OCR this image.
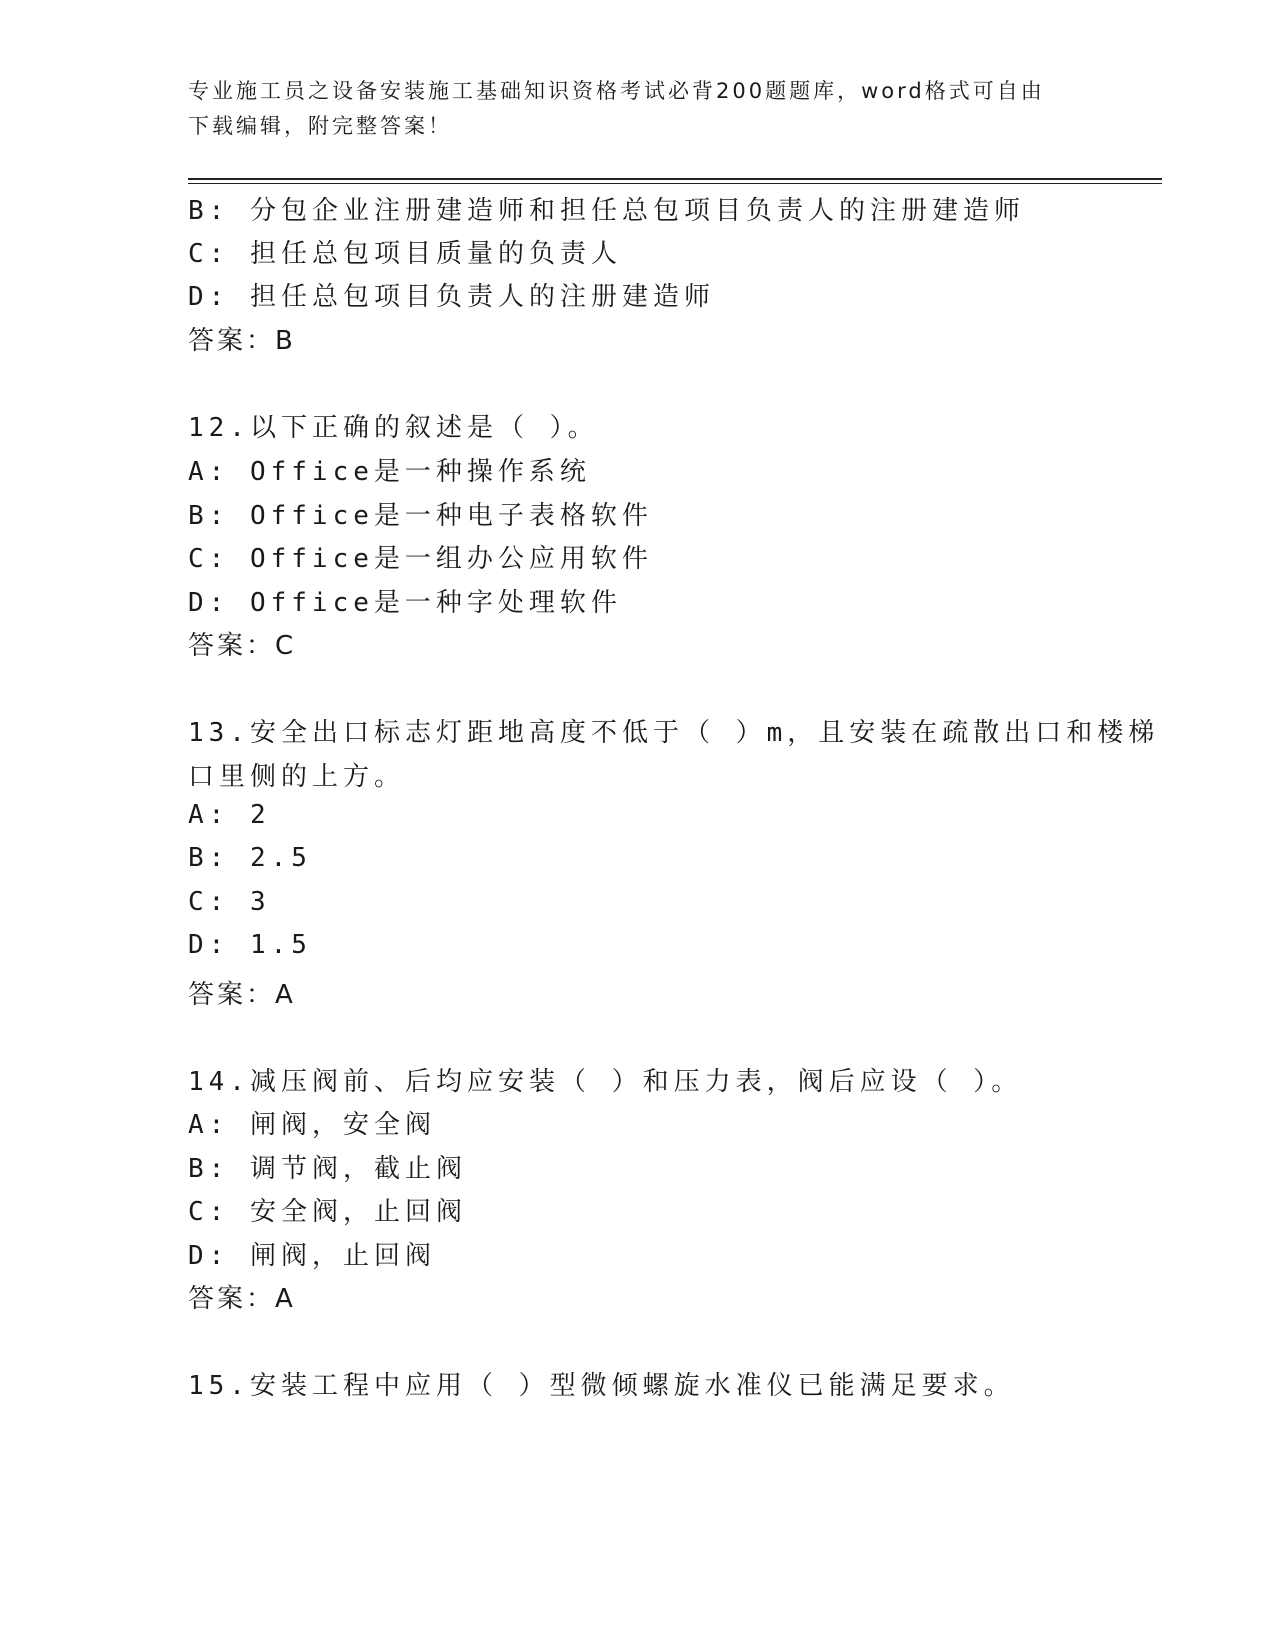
专业施工员之设备安装施工基础知识资格考试必背200题题库，word格式可自由
下载编辑，附完整答案！
B: 分包企业注册建造师和担任总包项目负责人的注册建造师
C: 担任总包项目质量的负责人
D: 担任总包项目负责人的注册建造师
答案：B
12.以下正确的叙述是（ ）。
A: Office是一种操作系统
B: Office是一种电子表格软件
C: Office是一组办公应用软件
D: Office是一种字处理软件
答案：C
13.安全出口标志灯距地高度不低于（ ）m，且安装在疏散出口和楼梯
口里侧的上方。
A: 2
B: 2.5
C: 3
D: 1.5
答案：A
14.减压阀前、后均应安装（ ）和压力表，阀后应设（ ）。
A: 闸阀，安全阀
B: 调节阀，截止阀
C: 安全阀，止回阀
D: 闸阀，止回阀
答案：A
15.安装工程中应用（ ）型微倾螺旋水准仪已能满足要求。
